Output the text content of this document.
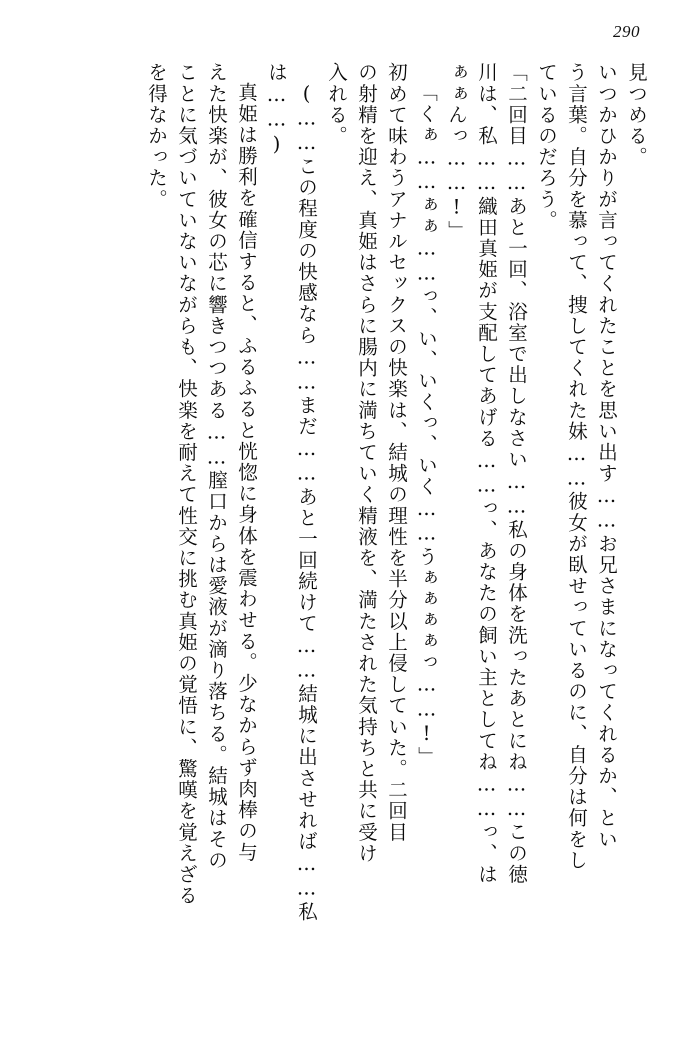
290
見つめる。
いつかひかりが言ってくれたことを思い出す……お兄さまになってくれるか、とい
う言葉。自分を慕って、捜してくれた妹……彼女が臥せっているのに、自分は何をし
ているのだろう。
「二回目……あと一回、浴室で出しなさい……私の身体を洗ったあとにね……この徳
川は、私……織田真姫が支配してあげる……っ、あなたの飼い主としてね……っ、は
ぁぁんっ……!」
「くぁ……ぁぁ……っ、い、いくっ、いく……うぁぁぁぁっ……!」
初めて味わうアナルセックスの快楽は、結城の理性を半分以上侵していた。二回目
の射精を迎え、真姫はさらに腸内に満ちていく精液を、満たされた気持ちと共に受け
入れる。
(……この程度の快感なら……まだ……あと一回続けて……結城に出させれば……私
は……)
真姫は勝利を確信すると、ふるふると恍惚に身体を震わせる。少なからず肉棒の与
えた快楽が、彼女の芯に響きつつある……膣口からは愛液が滴り落ちる。結城はその
ことに気づいていないながらも、快楽を耐えて性交に挑む真姫の覚悟に、驚嘆を覚えざる
を得なかった。
